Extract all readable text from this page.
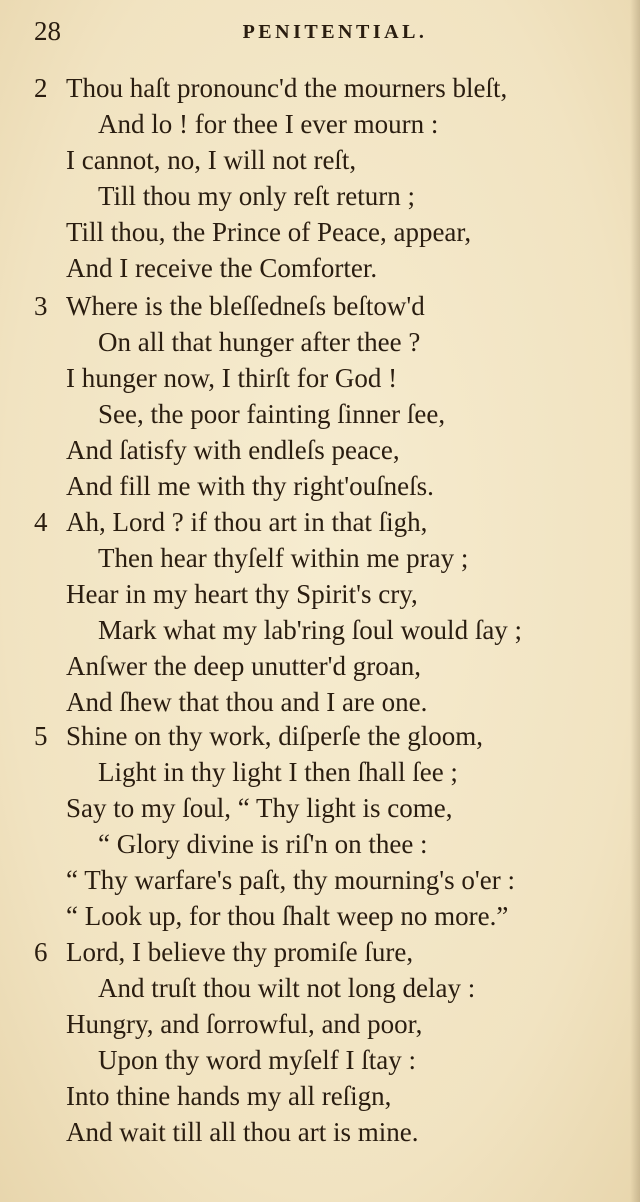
28	PENITENTIAL.
2 Thou haſt pronounc'd the mourners bleſt,
And lo ! for thee I ever mourn :
I cannot, no, I will not reſt,
Till thou my only reſt return ;
Till thou, the Prince of Peace, appear,
And I receive the Comforter.
3 Where is the bleſſedneſs beſtow'd
On all that hunger after thee ?
I hunger now, I thirſt for God !
See, the poor fainting ſinner ſee,
And ſatisfy with endleſs peace,
And fill me with thy right'ouſneſs.
4 Ah, Lord ? if thou art in that ſigh,
Then hear thyſelf within me pray ;
Hear in my heart thy Spirit's cry,
Mark what my lab'ring ſoul would ſay ;
Anſwer the deep unutter'd groan,
And ſhew that thou and I are one.
5 Shine on thy work, diſperſe the gloom,
Light in thy light I then ſhall ſee ;
Say to my ſoul, “ Thy light is come,
“ Glory divine is riſ'n on thee :
“ Thy warfare's paſt, thy mourning's o'er :
“ Look up, for thou ſhalt weep no more.”
6 Lord, I believe thy promiſe ſure,
And truſt thou wilt not long delay :
Hungry, and ſorrowful, and poor,
Upon thy word myſelf I ſtay :
Into thine hands my all reſign,
And wait till all thou art is mine.
